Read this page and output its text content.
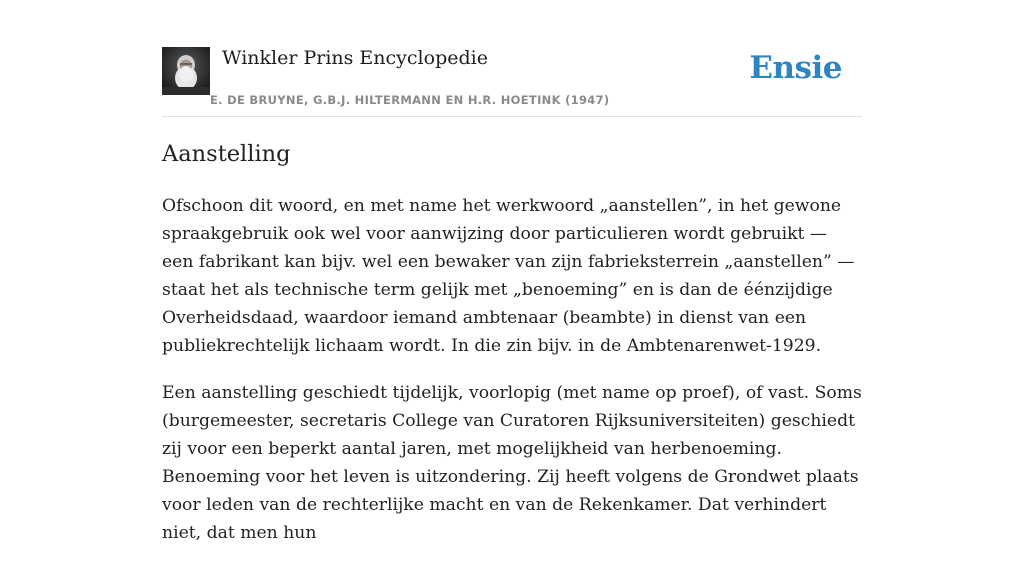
Winkler Prins Encyclopedie
E. DE BRUYNE, G.B.J. HILTERMANN EN H.R. HOETINK (1947)
Ensie
Aanstelling

Ofschoon dit woord, en met name het werkwoord „aanstellen”, in het gewone spraakgebruik ook wel voor aanwijzing door particulieren wordt gebruikt — een fabrikant kan bijv. wel een bewaker van zijn fabrieksterrein „aanstellen” — staat het als technische term gelijk met „benoeming” en is dan de éénzijdige Overheidsdaad, waardoor iemand ambtenaar (beambte) in dienst van een publiekrechtelijk lichaam wordt. In die zin bijv. in de Ambtenarenwet-1929.

Een aanstelling geschiedt tijdelijk, voorlopig (met name op proef), of vast. Soms (burgemeester, secretaris College van Curatoren Rijksuniversiteiten) geschiedt zij voor een beperkt aantal jaren, met mogelijkheid van herbenoeming. Benoeming voor het leven is uitzondering. Zij heeft volgens de Grondwet plaats voor leden van de rechterlijke macht en van de Rekenkamer. Dat verhindert niet, dat men hun
